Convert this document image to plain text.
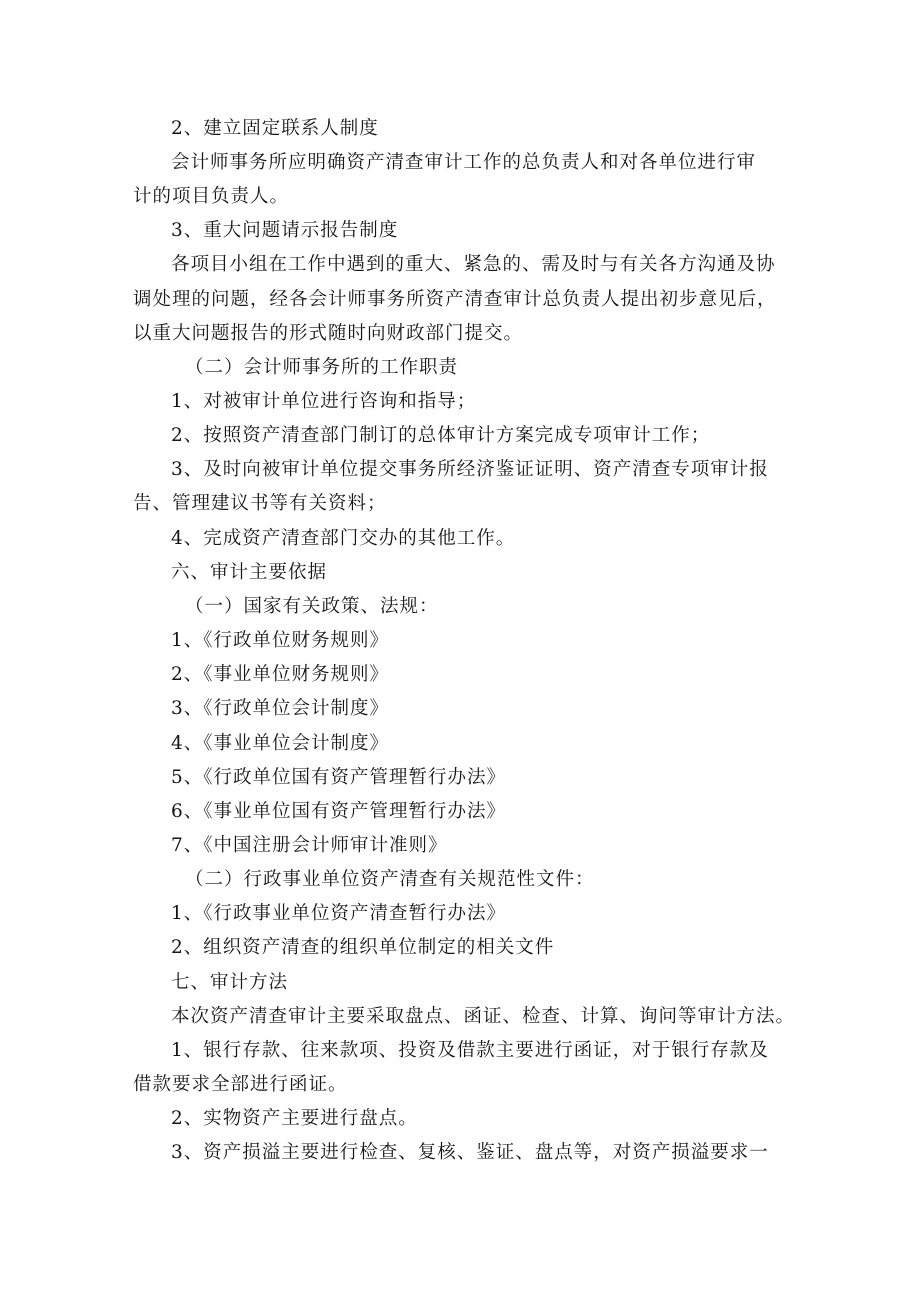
2、建立固定联系人制度
会计师事务所应明确资产清查审计工作的总负责人和对各单位进行审
计的项目负责人。
3、重大问题请示报告制度
各项目小组在工作中遇到的重大、紧急的、需及时与有关各方沟通及协
调处理的问题，经各会计师事务所资产清查审计总负责人提出初步意见后，
以重大问题报告的形式随时向财政部门提交。
（二）会计师事务所的工作职责
1、对被审计单位进行咨询和指导；
2、按照资产清查部门制订的总体审计方案完成专项审计工作；
3、及时向被审计单位提交事务所经济鉴证证明、资产清查专项审计报
告、管理建议书等有关资料；
4、完成资产清查部门交办的其他工作。
六、审计主要依据
（一）国家有关政策、法规：
1、《行政单位财务规则》
2、《事业单位财务规则》
3、《行政单位会计制度》
4、《事业单位会计制度》
5、《行政单位国有资产管理暂行办法》
6、《事业单位国有资产管理暂行办法》
7、《中国注册会计师审计准则》
（二）行政事业单位资产清查有关规范性文件：
1、《行政事业单位资产清查暂行办法》
2、组织资产清查的组织单位制定的相关文件
七、审计方法
本次资产清查审计主要采取盘点、函证、检查、计算、询问等审计方法。
1、银行存款、往来款项、投资及借款主要进行函证，对于银行存款及
借款要求全部进行函证。
2、实物资产主要进行盘点。
3、资产损溢主要进行检查、复核、鉴证、盘点等，对资产损溢要求一
